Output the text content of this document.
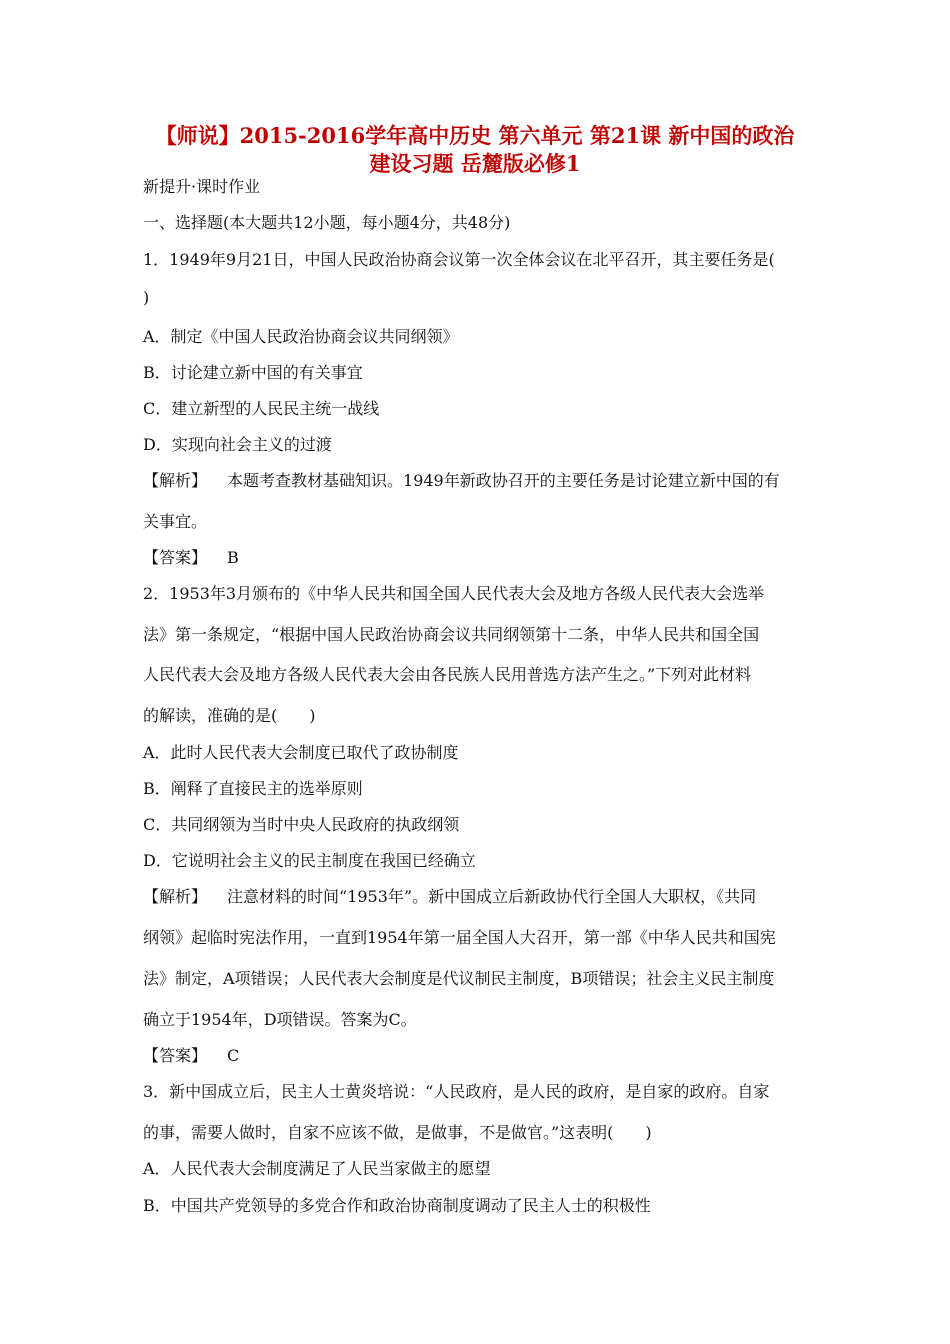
【师说】2015-2016学年高中历史 第六单元 第21课 新中国的政治
建设习题 岳麓版必修1
新提升·课时作业
一、选择题(本大题共12小题，每小题4分，共48分)
1．1949年9月21日，中国人民政治协商会议第一次全体会议在北平召开，其主要任务是(
)
A．制定《中国人民政治协商会议共同纲领》
B．讨论建立新中国的有关事宜
C．建立新型的人民民主统一战线
D．实现向社会主义的过渡
【解析】 本题考查教材基础知识。1949年新政协召开的主要任务是讨论建立新中国的有
关事宜。
【答案】 B
2．1953年3月颁布的《中华人民共和国全国人民代表大会及地方各级人民代表大会选举
法》第一条规定，“根据中国人民政治协商会议共同纲领第十二条，中华人民共和国全国
人民代表大会及地方各级人民代表大会由各民族人民用普选方法产生之。”下列对此材料
的解读，准确的是(　　)
A．此时人民代表大会制度已取代了政协制度
B．阐释了直接民主的选举原则
C．共同纲领为当时中央人民政府的执政纲领
D．它说明社会主义的民主制度在我国已经确立
【解析】 注意材料的时间“1953年”。新中国成立后新政协代行全国人大职权，《共同
纲领》起临时宪法作用，一直到1954年第一届全国人大召开，第一部《中华人民共和国宪
法》制定，A项错误；人民代表大会制度是代议制民主制度，B项错误；社会主义民主制度
确立于1954年，D项错误。答案为C。
【答案】 C
3．新中国成立后，民主人士黄炎培说：“人民政府，是人民的政府，是自家的政府。自家
的事，需要人做时，自家不应该不做，是做事，不是做官。”这表明(　　)
A．人民代表大会制度满足了人民当家做主的愿望
B．中国共产党领导的多党合作和政治协商制度调动了民主人士的积极性
